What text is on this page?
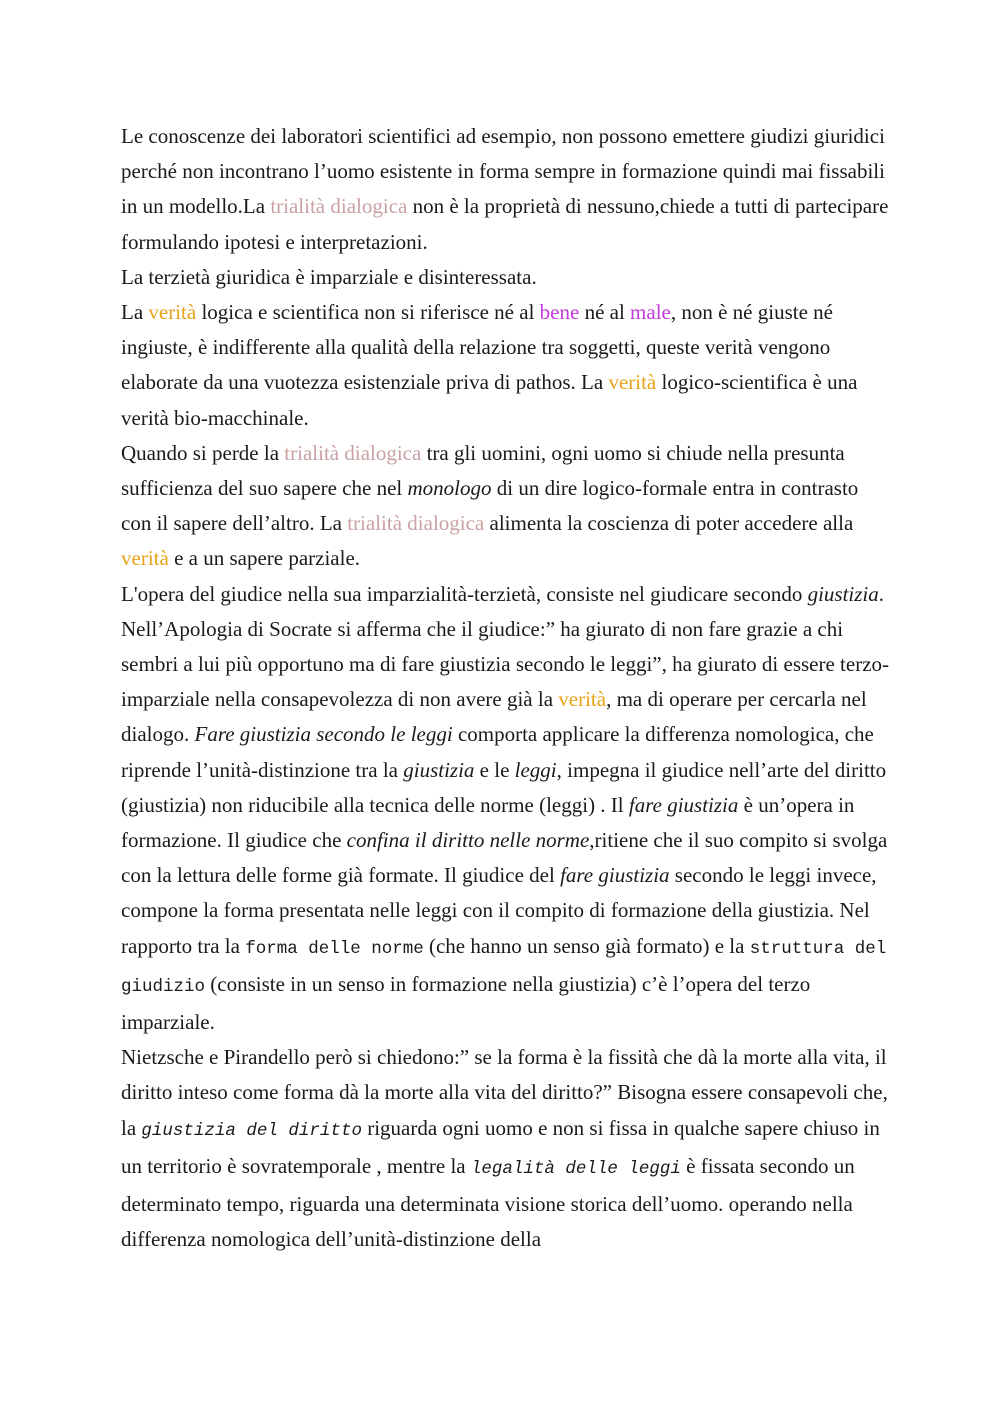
Le conoscenze dei laboratori scientifici ad esempio, non possono emettere giudizi giuridici perché non incontrano l’uomo esistente in forma sempre in formazione quindi mai fissabili in un modello.La trialità dialogica non è la proprietà di nessuno,chiede a tutti di partecipare formulando ipotesi e interpretazioni.

La terzietà giuridica è imparziale e disinteressata.

La verità logica e scientifica non si riferisce né al bene né al male, non è né giuste né ingiuste, è indifferente alla qualità della relazione tra soggetti, queste verità vengono elaborate da una vuotezza esistenziale priva di pathos. La verità logico-scientifica è una verità bio-macchinale.

Quando si perde la trialità dialogica tra gli uomini, ogni uomo si chiude nella presunta sufficienza del suo sapere che nel monologo di un dire logico-formale entra in contrasto con il sapere dell’altro. La trialità dialogica alimenta la coscienza di poter accedere alla verità e a un sapere parziale.

L'opera del giudice nella sua imparzialità-terzietà, consiste nel giudicare secondo giustizia. Nell’Apologia di Socrate si afferma che il giudice:” ha giurato di non fare grazie a chi sembri a lui più opportuno ma di fare giustizia secondo le leggi”, ha giurato di essere terzo-imparziale nella consapevolezza di non avere già la verità, ma di operare per cercarla nel dialogo. Fare giustizia secondo le leggi comporta applicare la differenza nomologica, che riprende l’unità-distinzione tra la giustizia e le leggi, impegna il giudice nell’arte del diritto (giustizia) non riducibile alla tecnica delle norme (leggi) . Il fare giustizia è un’opera in formazione. Il giudice che confina il diritto nelle norme,ritiene che il suo compito si svolga con la lettura delle forme già formate. Il giudice del fare giustizia secondo le leggi invece, compone la forma presentata nelle leggi con il compito di formazione della giustizia. Nel rapporto tra la forma delle norme (che hanno un senso già formato) e la struttura del giudizio (consiste in un senso in formazione nella giustizia) c’è l’opera del terzo imparziale.

Nietzsche e Pirandello però si chiedono:” se la forma è la fissità che dà la morte alla vita, il diritto inteso come forma dà la morte alla vita del diritto?” Bisogna essere consapevoli che, la giustizia del diritto riguarda ogni uomo e non si fissa in qualche sapere chiuso in un territorio è sovratemporale , mentre la legalità delle leggi è fissata secondo un determinato tempo, riguarda una determinata visione storica dell’uomo. operando nella differenza nomologica dell’unità-distinzione della
